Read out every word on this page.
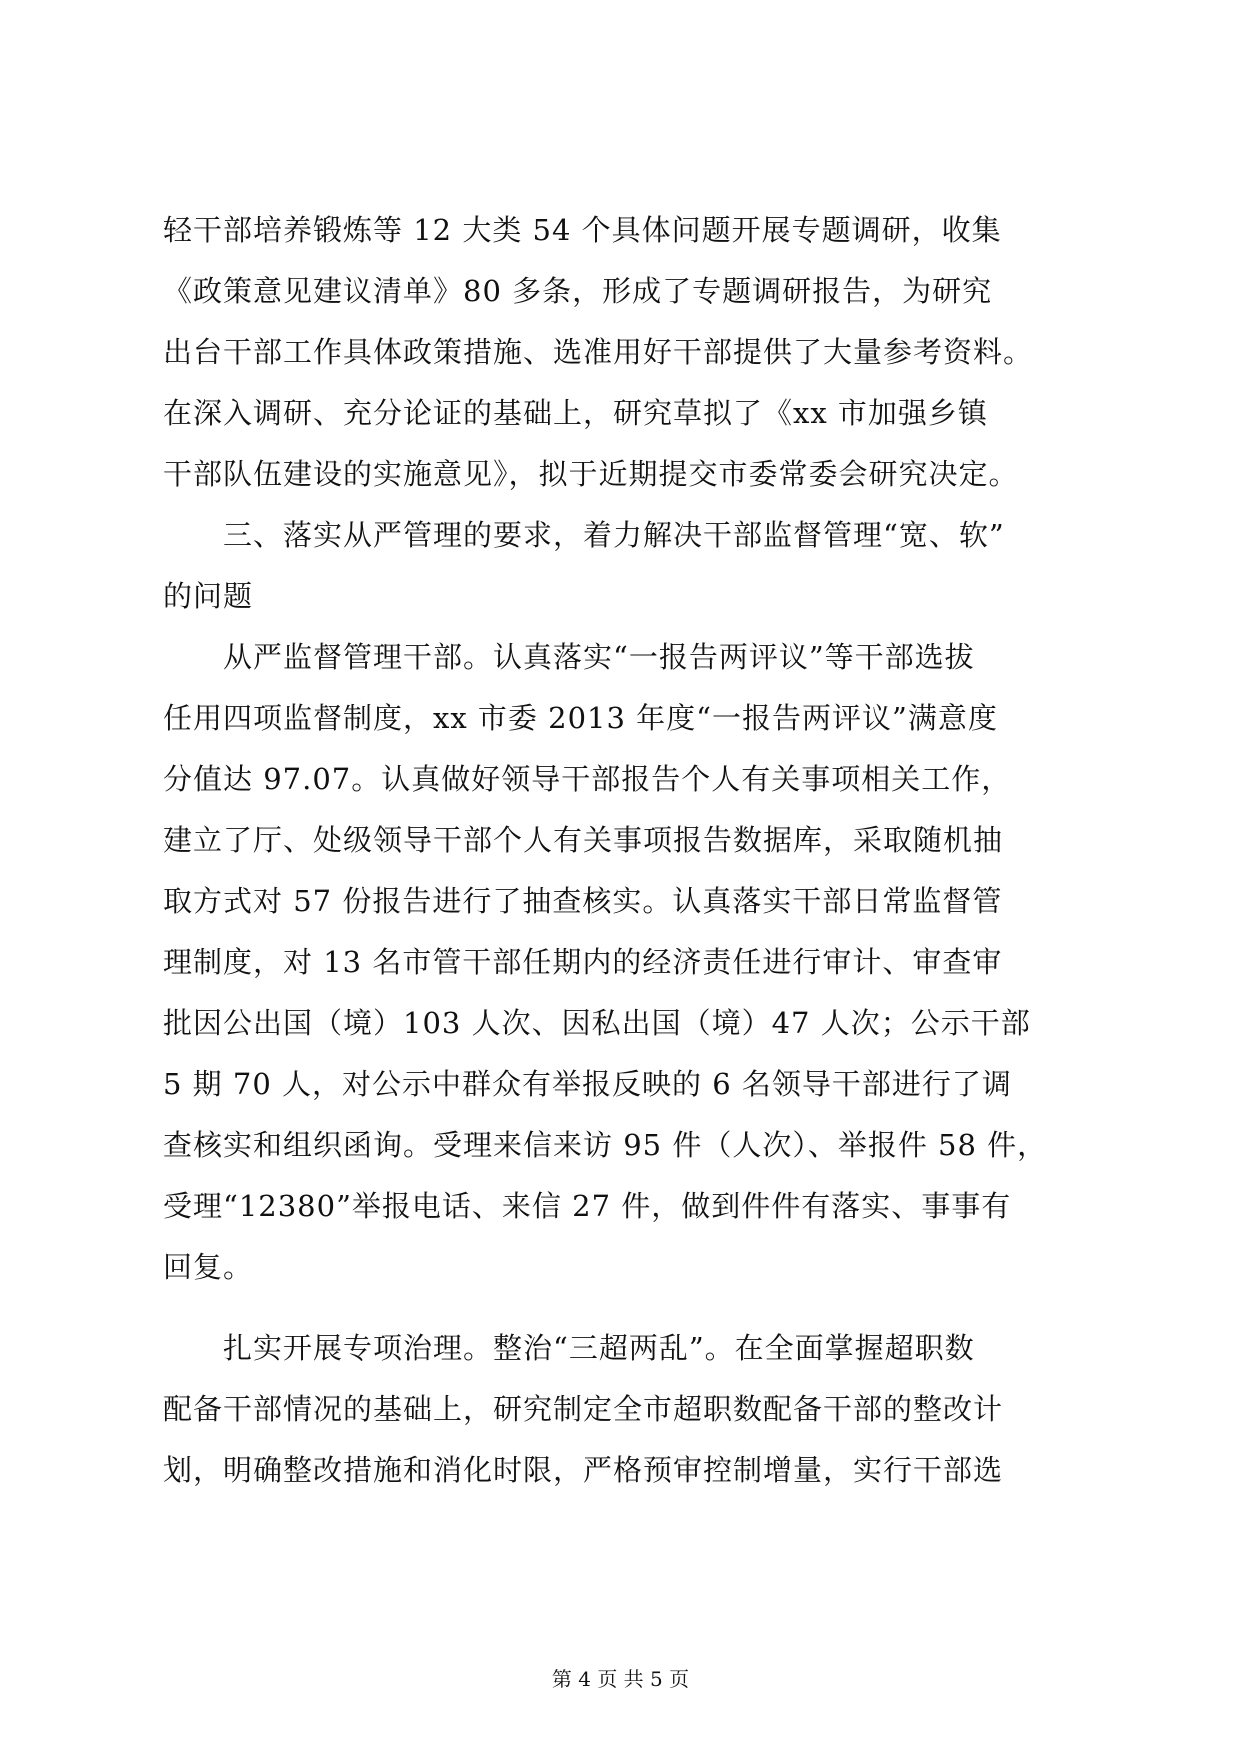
轻干部培养锻炼等 12 大类 54 个具体问题开展专题调研，收集
《政策意见建议清单》80 多条，形成了专题调研报告，为研究
出台干部工作具体政策措施、选准用好干部提供了大量参考资料。
在深入调研、充分论证的基础上，研究草拟了《xx 市加强乡镇
干部队伍建设的实施意见》，拟于近期提交市委常委会研究决定。
三、落实从严管理的要求，着力解决干部监督管理“宽、软”
的问题
从严监督管理干部。认真落实“一报告两评议”等干部选拔
任用四项监督制度，xx 市委 2013 年度“一报告两评议”满意度
分值达 97.07。认真做好领导干部报告个人有关事项相关工作，
建立了厅、处级领导干部个人有关事项报告数据库，采取随机抽
取方式对 57 份报告进行了抽查核实。认真落实干部日常监督管
理制度，对 13 名市管干部任期内的经济责任进行审计、审查审
批因公出国（境）103 人次、因私出国（境）47 人次；公示干部
5 期 70 人，对公示中群众有举报反映的 6 名领导干部进行了调
查核实和组织函询。受理来信来访 95 件（人次）、举报件 58 件，
受理“12380”举报电话、来信 27 件，做到件件有落实、事事有
回复。
扎实开展专项治理。整治“三超两乱”。在全面掌握超职数
配备干部情况的基础上，研究制定全市超职数配备干部的整改计
划，明确整改措施和消化时限，严格预审控制增量，实行干部选
第 4 页 共 5 页
